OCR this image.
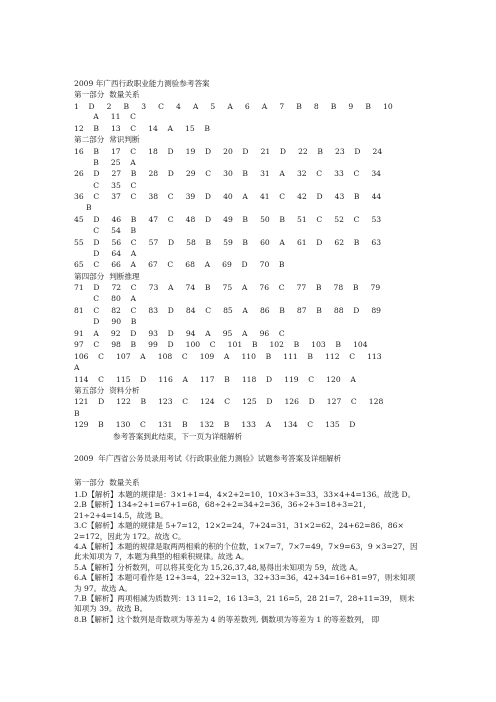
2009 年广西行政职业能力测验参考答案
第一部分  数量关系
1    D     2     B     3     C     4     A     5     A     6     A     7     B     8     B     9     B     10
A     11    C
12    B     13    C     14    A     15    B
第二部分  常识判断
16    B     17    C     18    D     19    D     20    D     21    D     22    B     23    D     24
B     25    A
26    D     27    B     28    D     29    C     30    B     31    A     32    C     33    C     34
C     35    C
36    C     37    C     38    C     39    D     40    A     41    C     42    D     43    B     44
B
45    D     46    B     47    C     48    D     49    B     50    B     51    C     52    C     53
C     54    B
55    D     56    C     57    D     58    B     59    B     60    A     61    D     62    B     63
D     64    A
65    C     66    A     67    C     68    A     69    D     70    B
第四部分  判断推理
71    D     72    C     73    A     74    B     75    A     76    C     77    B     78    B     79
C     80    A
81    C     82    C     83    D     84    C     85    A     86    B     87    B     88    D     89
D     90    B
91    A     92    D     93    D     94    A     95    A     96    C
97    C     98    B     99    D     100    C     101    B     102    B     103    B     104
106    C     107    A     108    C     109    A     110    B     111    B     112    C     113
A
114    C     115    D     116    A     117    B     118    D     119    C     120    A
第五部分  资料分析
121    D     122    B     123    C     124    C     125    D     126    D     127    C     128
B
129    B     130    C     131    B     132    B     133    A     134    C     135    D
参考答案到此结束，下一页为详细解析
2009  年广西省公务员录用考试《行政职业能力测验》试题参考答案及详细解析
第一部分  数量关系
1.D【解析】本题的规律是：3×1+1=4，4×2+2=10，10×3+3=33，33×4+4=136。故选 D。
2.B【解析】134÷2+1=67+1=68，68÷2+2=34+2=36，36÷2+3=18+3=21，21÷2+4=14.5，故选 B。
3.C【解析】本题的规律是 5+7=12，12×2=24，7+24=31，31×2=62，24+62=86，86× 2=172，因此为 172。故选 C。
4.A【解析】本题的规律是取两两相乘的积的个位数，1×7=7，7×7=49，7×9=63，9 ×3=27，因此未知项为 7，本题为典型的相乘积规律。故选 A。
5.A【解析】分析数列，可以将其变化为 15,26,37,48,易得出未知项为 59，故选 A。
6.A【解析】本题可看作是 12+3=4，22+32=13，32+33=36，42+34=16+81=97，则未知项为 97。故选 A。
7.B【解析】两项相减为质数列：13 11=2，16 13=3，21 16=5，28 21=7，28+11=39， 则未知项为 39。故选 B。
8.B【解析】这个数列是奇数项为等差为 4 的等差数列, 偶数项为等差为 1 的等差数列， 即
